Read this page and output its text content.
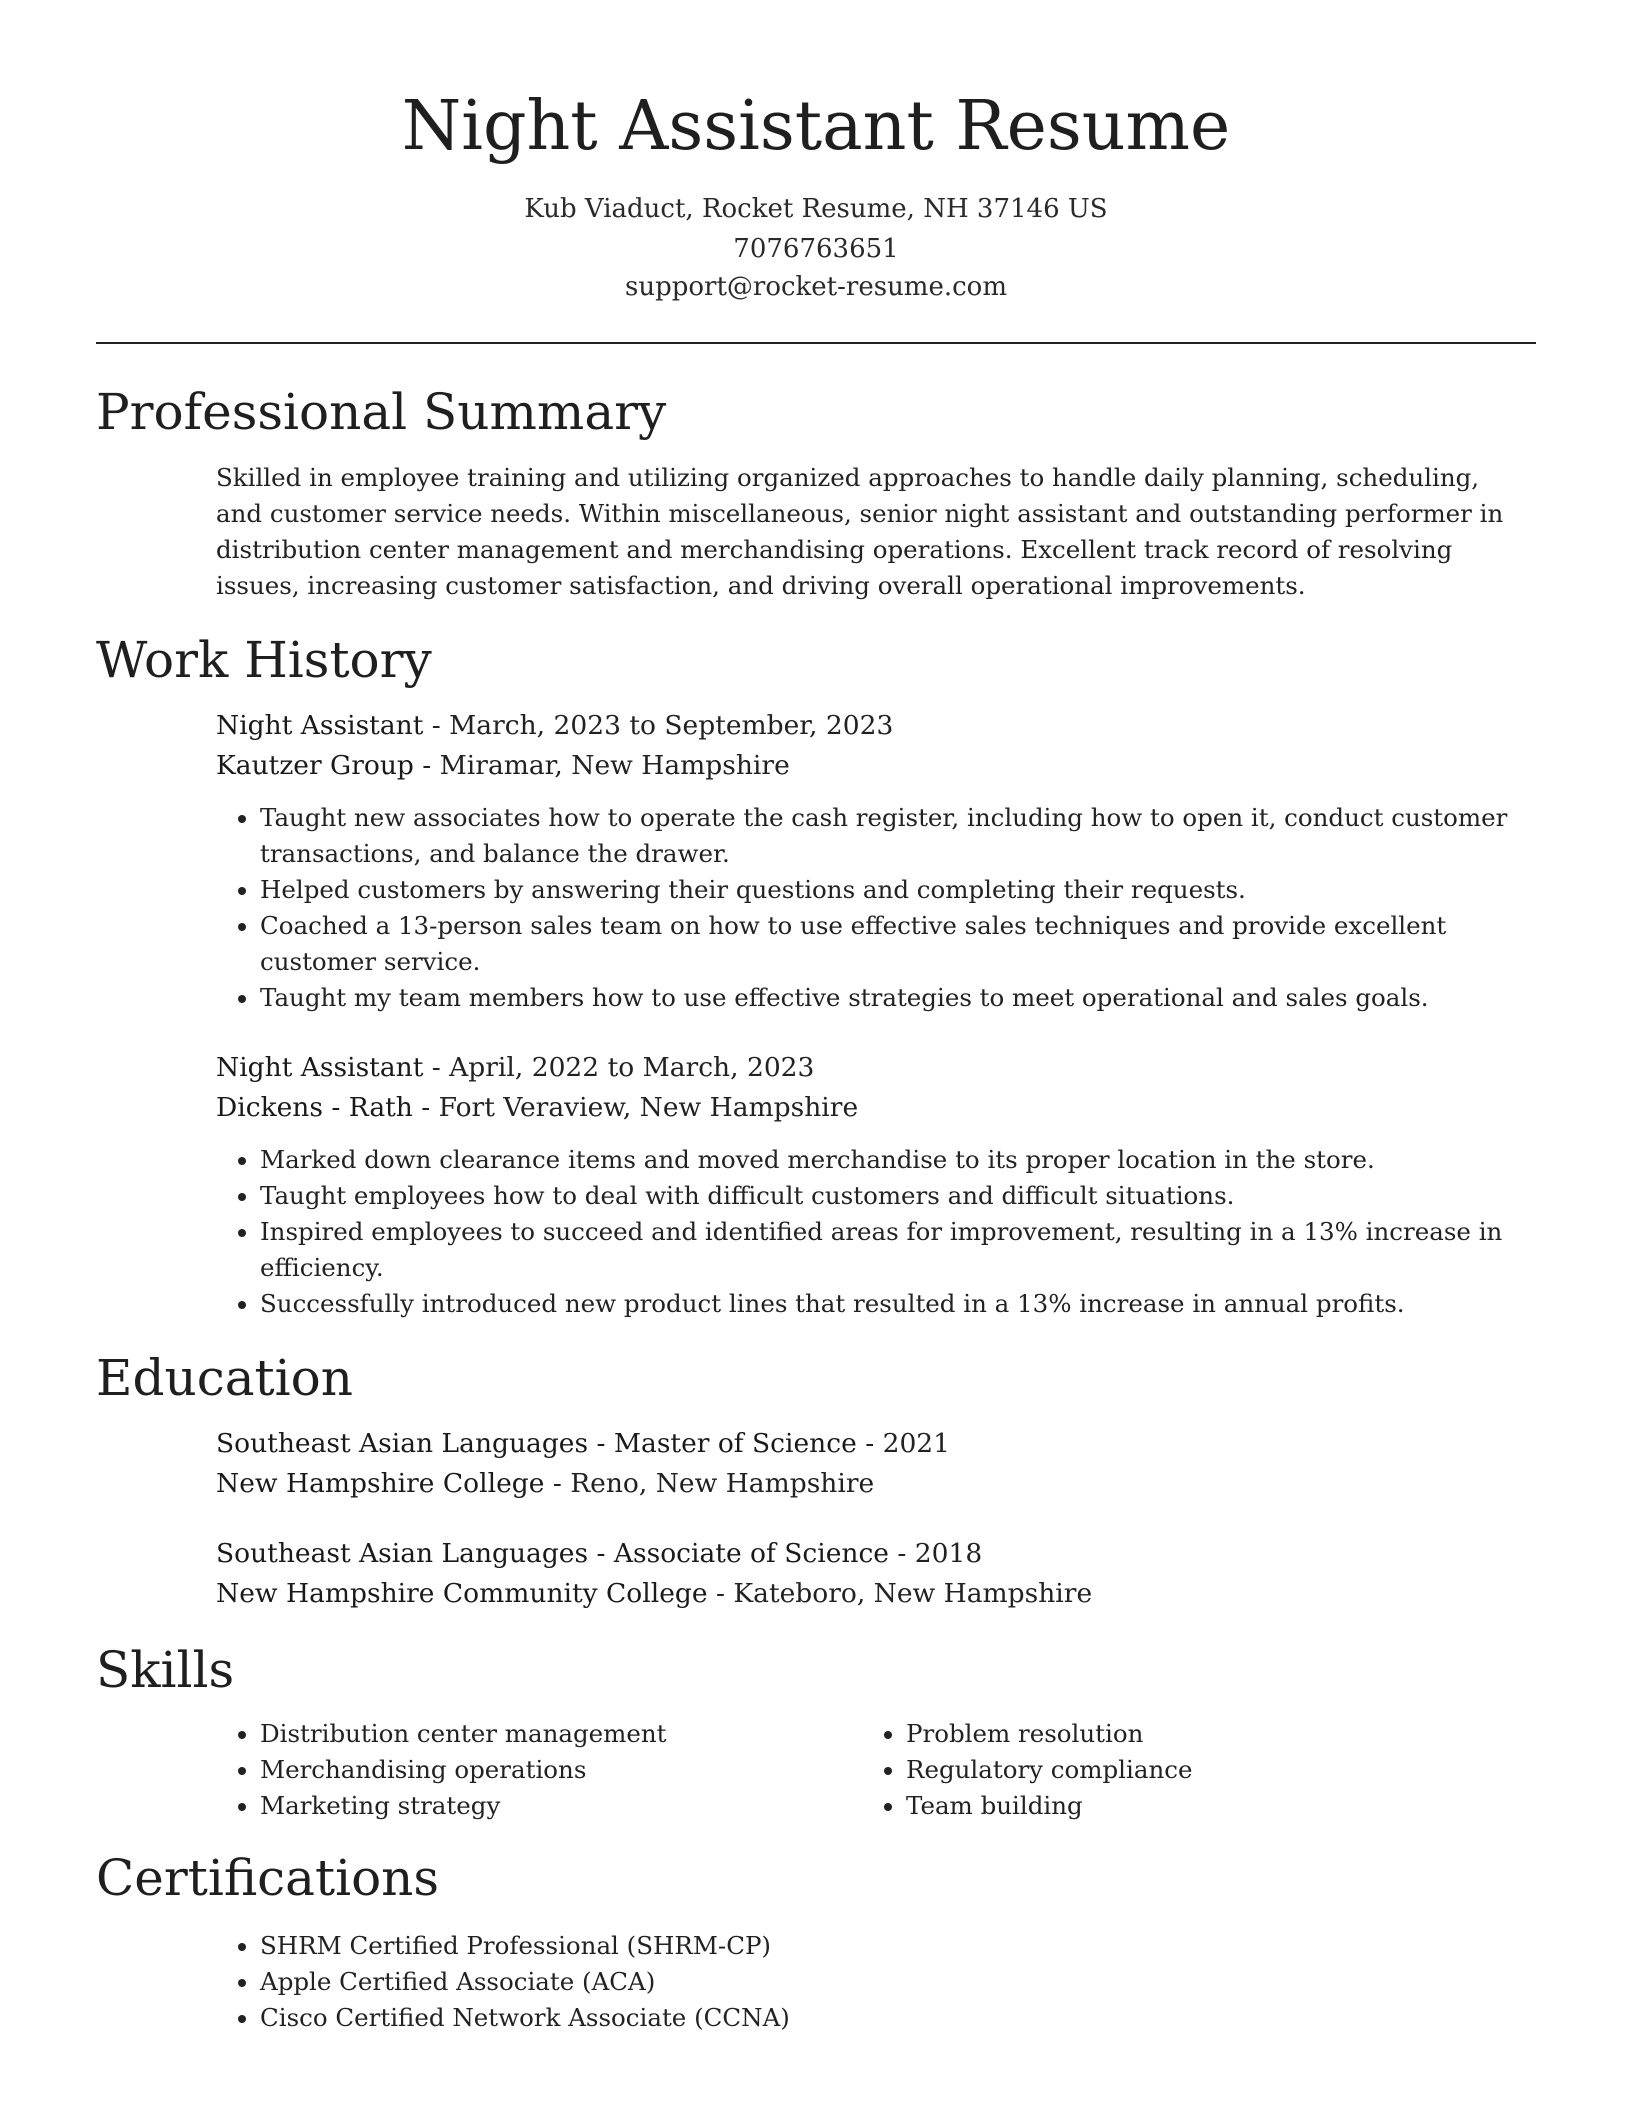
Night Assistant Resume
Kub Viaduct, Rocket Resume, NH 37146 US
7076763651
support@rocket-resume.com
Professional Summary

Skilled in employee training and utilizing organized approaches to handle daily planning, scheduling, and customer service needs. Within miscellaneous, senior night assistant and outstanding performer in distribution center management and merchandising operations. Excellent track record of resolving issues, increasing customer satisfaction, and driving overall operational improvements.

Work History
Night Assistant - March, 2023 to September, 2023
Kautzer Group - Miramar, New Hampshire
• Taught new associates how to operate the cash register, including how to open it, conduct customer transactions, and balance the drawer.
• Helped customers by answering their questions and completing their requests.
• Coached a 13-person sales team on how to use effective sales techniques and provide excellent customer service.
• Taught my team members how to use effective strategies to meet operational and sales goals.
Night Assistant - April, 2022 to March, 2023
Dickens - Rath - Fort Veraview, New Hampshire
• Marked down clearance items and moved merchandise to its proper location in the store.
• Taught employees how to deal with difficult customers and difficult situations.
• Inspired employees to succeed and identified areas for improvement, resulting in a 13% increase in efficiency.
• Successfully introduced new product lines that resulted in a 13% increase in annual profits.
Education
Southeast Asian Languages - Master of Science - 2021
New Hampshire College - Reno, New Hampshire
Southeast Asian Languages - Associate of Science - 2018
New Hampshire Community College - Kateboro, New Hampshire
Skills
• Distribution center management
• Merchandising operations
• Marketing strategy
• Problem resolution
• Regulatory compliance
• Team building
Certifications
• SHRM Certified Professional (SHRM-CP)
• Apple Certified Associate (ACA)
• Cisco Certified Network Associate (CCNA)
